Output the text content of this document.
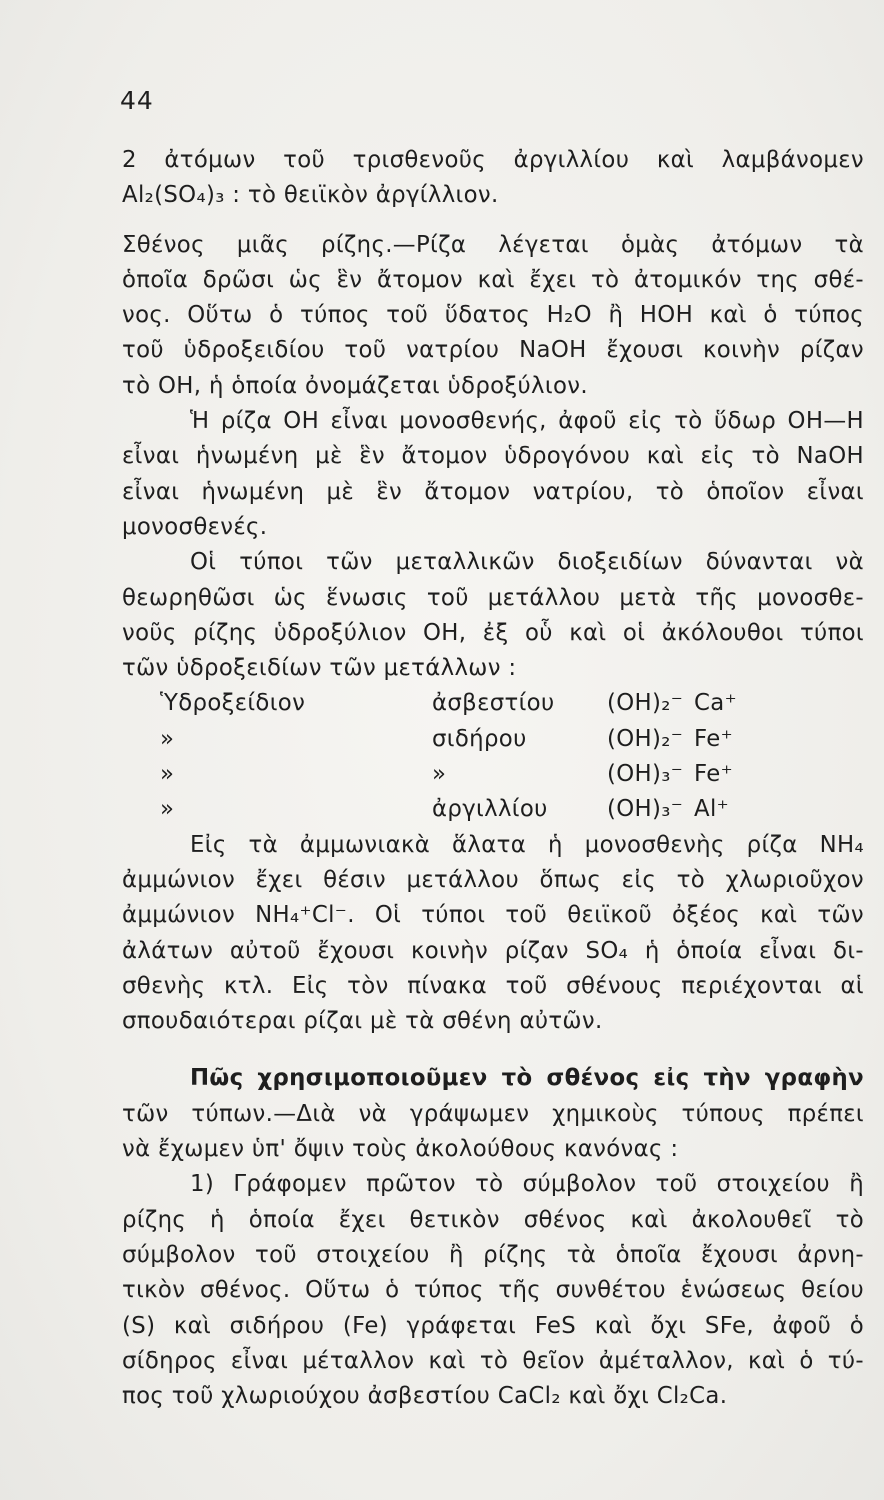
44
2 ἀτόμων τοῦ τρισθενοῦς ἀργιλλίου καὶ λαμβάνομεν
Al₂(SO₄)₃ : τὸ θειϊκὸν ἀργίλλιον.
Σθένος μιᾶς ρίζης.—Ρίζα λέγεται ὁμὰς ἀτόμων τὰ
ὁποῖα δρῶσι ὡς ἓν ἄτομον καὶ ἔχει τὸ ἀτομικόν της σθέ-
νος. Οὕτω ὁ τύπος τοῦ ὕδατος H₂O ἢ HOH καὶ ὁ τύπος
τοῦ ὑδροξειδίου τοῦ νατρίου NaOH ἔχουσι κοινὴν ρίζαν
τὸ OH, ἡ ὁποία ὀνομάζεται ὑδροξύλιον.
Ἡ ρίζα OH εἶναι μονοσθενής, ἀφοῦ εἰς τὸ ὕδωρ OH—H
εἶναι ἡνωμένη μὲ ἓν ἄτομον ὑδρογόνου καὶ εἰς τὸ NaOH
εἶναι ἡνωμένη μὲ ἓν ἄτομον νατρίου, τὸ ὁποῖον εἶναι
μονοσθενές.
Οἱ τύποι τῶν μεταλλικῶν διοξειδίων δύνανται νὰ
θεωρηθῶσι ὡς ἕνωσις τοῦ μετάλλου μετὰ τῆς μονοσθε-
νοῦς ρίζης ὑδροξύλιον OH, ἐξ οὗ καὶ οἱ ἀκόλουθοι τύποι
τῶν ὑδροξειδίων τῶν μετάλλων :
Ὑδροξείδιον	ἀσβεστίου (OH)₂⁻ Ca⁺
»	σιδήρου	(OH)₂⁻ Fe⁺
»	»	(OH)₃⁻ Fe⁺
»	ἀργιλλίου	(OH)₃⁻ Al⁺
Εἰς τὰ ἀμμωνιακὰ ἅλατα ἡ μονοσθενὴς ρίζα NH₄
ἀμμώνιον ἔχει θέσιν μετάλλου ὅπως εἰς τὸ χλωριοῦχον
ἀμμώνιον NH₄⁺Cl⁻. Οἱ τύποι τοῦ θειϊκοῦ ὀξέος καὶ τῶν
ἀλάτων αὐτοῦ ἔχουσι κοινὴν ρίζαν SO₄ ἡ ὁποία εἶναι δι-
σθενὴς κτλ. Εἰς τὸν πίνακα τοῦ σθένους περιέχονται αἱ
σπουδαιότεραι ρίζαι μὲ τὰ σθένη αὐτῶν.
Πῶς χρησιμοποιοῦμεν τὸ σθένος εἰς τὴν γραφὴν
τῶν τύπων.—Διὰ νὰ γράψωμεν χημικοὺς τύπους πρέπει
νὰ ἔχωμεν ὑπ' ὄψιν τοὺς ἀκολούθους κανόνας :
1) Γράφομεν πρῶτον τὸ σύμβολον τοῦ στοιχείου ἢ
ρίζης ἡ ὁποία ἔχει θετικὸν σθένος καὶ ἀκολουθεῖ τὸ
σύμβολον τοῦ στοιχείου ἢ ρίζης τὰ ὁποῖα ἔχουσι ἀρνη-
τικὸν σθένος. Οὕτω ὁ τύπος τῆς συνθέτου ἑνώσεως θείου
(S) καὶ σιδήρου (Fe) γράφεται FeS καὶ ὄχι SFe, ἀφοῦ ὁ
σίδηρος εἶναι μέταλλον καὶ τὸ θεῖον ἀμέταλλον, καὶ ὁ τύ-
πος τοῦ χλωριούχου ἀσβεστίου CaCl₂ καὶ ὄχι Cl₂Ca.
